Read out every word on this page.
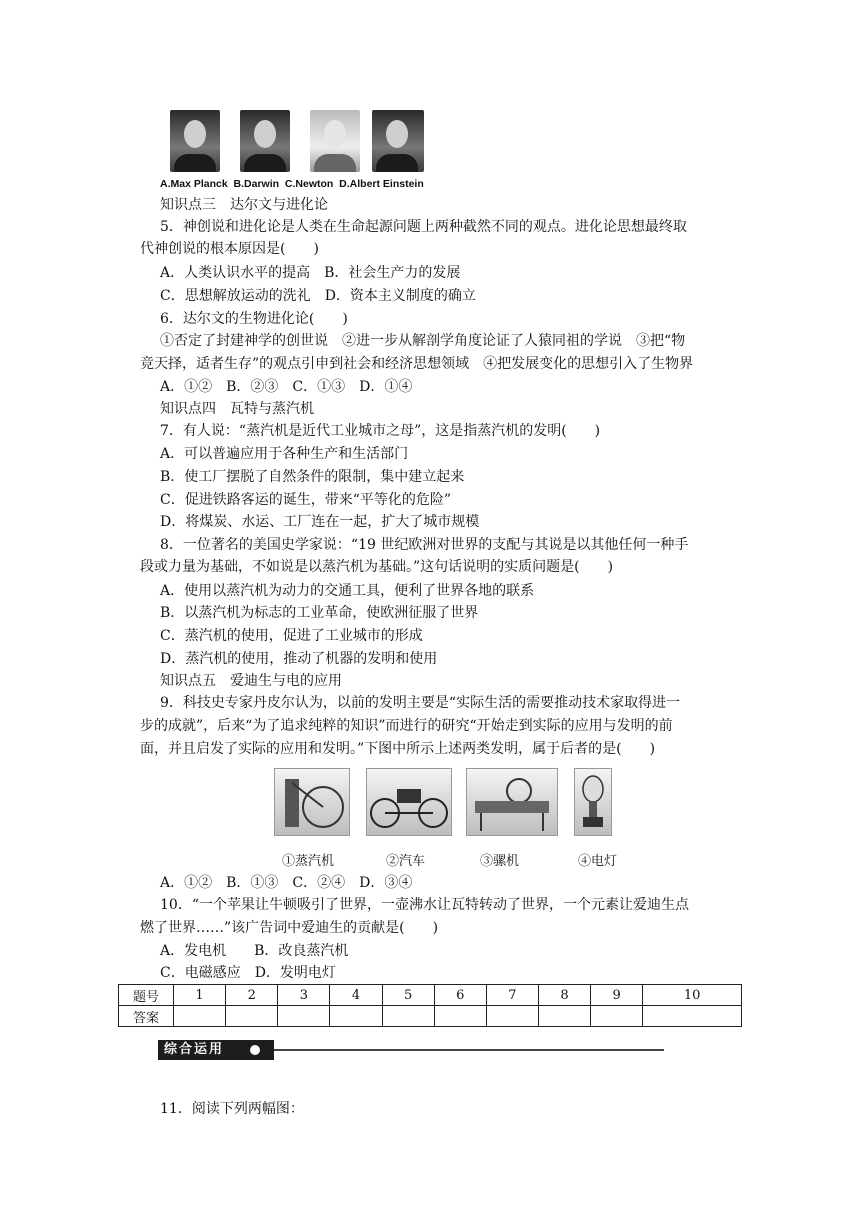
A.Max Planck B.Darwin C.Newton D.Albert Einstein
知识点三　达尔文与进化论
5．神创说和进化论是人类在生命起源问题上两种截然不同的观点。进化论思想最终取
代神创说的根本原因是(　　)
A．人类认识水平的提高　B．社会生产力的发展
C．思想解放运动的洗礼　D．资本主义制度的确立
6．达尔文的生物进化论(　　)
①否定了封建神学的创世说　②进一步从解剖学角度论证了人猿同祖的学说　③把“物
竞天择，适者生存”的观点引申到社会和经济思想领域　④把发展变化的思想引入了生物界
A．①②　B．②③　C．①③　D．①④
知识点四　瓦特与蒸汽机
7．有人说：“蒸汽机是近代工业城市之母”，这是指蒸汽机的发明(　　)
A．可以普遍应用于各种生产和生活部门
B．使工厂摆脱了自然条件的限制，集中建立起来
C．促进铁路客运的诞生，带来“平等化的危险”
D．将煤炭、水运、工厂连在一起，扩大了城市规模
8．一位著名的美国史学家说：“19 世纪欧洲对世界的支配与其说是以其他任何一种手
段或力量为基础，不如说是以蒸汽机为基础。”这句话说明的实质问题是(　　)
A．使用以蒸汽机为动力的交通工具，便利了世界各地的联系
B．以蒸汽机为标志的工业革命，使欧洲征服了世界
C．蒸汽机的使用，促进了工业城市的形成
D．蒸汽机的使用，推动了机器的发明和使用
知识点五　爱迪生与电的应用
9．科技史专家丹皮尔认为，以前的发明主要是“实际生活的需要推动技术家取得进一
步的成就”，后来“为了追求纯粹的知识”而进行的研究“开始走到实际的应用与发明的前
面，并且启发了实际的应用和发明。”下图中所示上述两类发明，属于后者的是(　　)
①蒸汽机	②汽车	③骡机	④电灯
A．①②　B．①③　C．②④　D．③④
10．“一个苹果让牛顿吸引了世界，一壶沸水让瓦特转动了世界，一个元素让爱迪生点
燃了世界……”该广告词中爱迪生的贡献是(　　)
A．发电机　　B．改良蒸汽机
C．电磁感应　D．发明电灯
题号	1	2	3	4	5	6	7	8	9	10
答案										
综合运用
11．阅读下列两幅图：
